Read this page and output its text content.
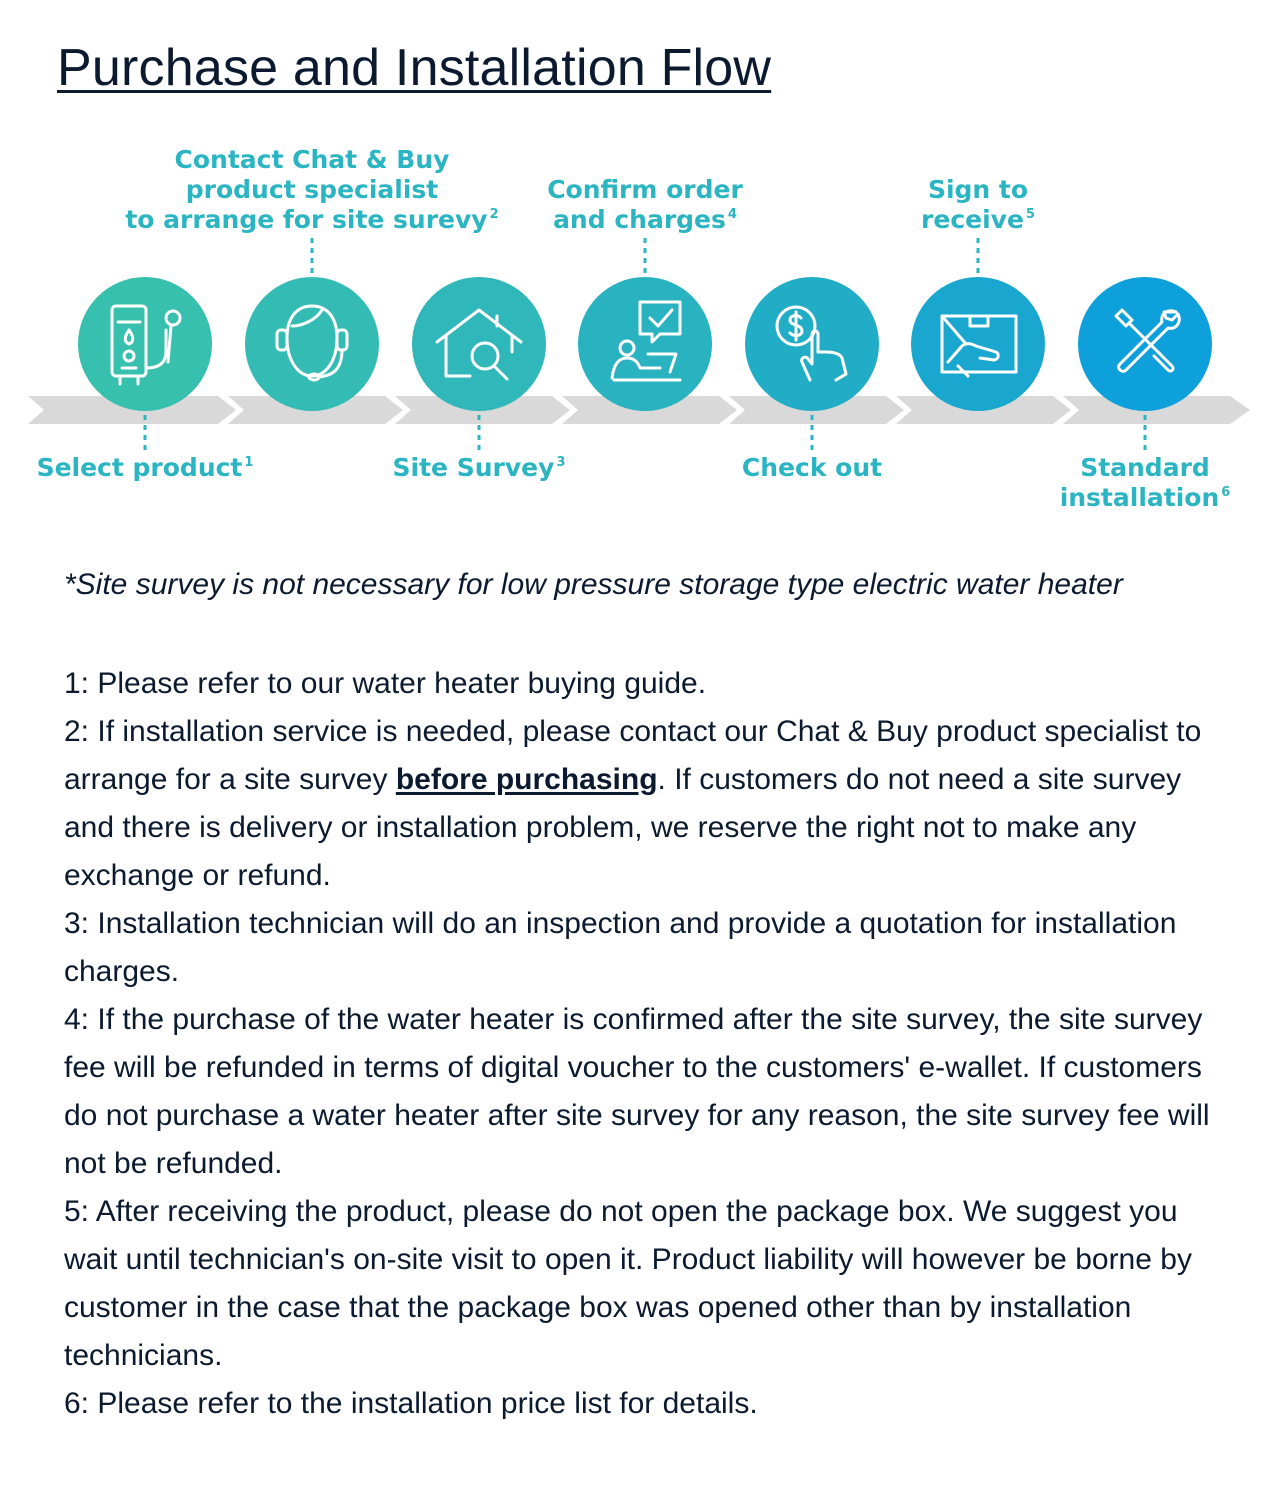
Purchase and Installation Flow
Contact Chat & Buy
product specialist
to arrange for site surevy $^2$
Confirm order
and charges $^4$
Sign to
receive $^5$
Select product $^1$	Site Survey $^3$	Check out	Standard
installation $^6$

*Site survey is not necessary for low pressure storage type electric water heater

1: Please refer to our water heater buying guide.

2: If installation service is needed, please contact our Chat & Buy product specialist to arrange for a site survey before purchasing. If customers do not need a site survey and there is delivery or installation problem, we reserve the right not to make any exchange or refund.

3: Installation technician will do an inspection and provide a quotation for installation charges.

4: If the purchase of the water heater is confirmed after the site survey, the site survey fee will be refunded in terms of digital voucher to the customers' e-wallet. If customers do not purchase a water heater after site survey for any reason, the site survey fee will not be refunded.

5: After receiving the product, please do not open the package box. We suggest you wait until technician's on-site visit to open it. Product liability will however be borne by customer in the case that the package box was opened other than by installation technicians.

6: Please refer to the installation price list for details.
